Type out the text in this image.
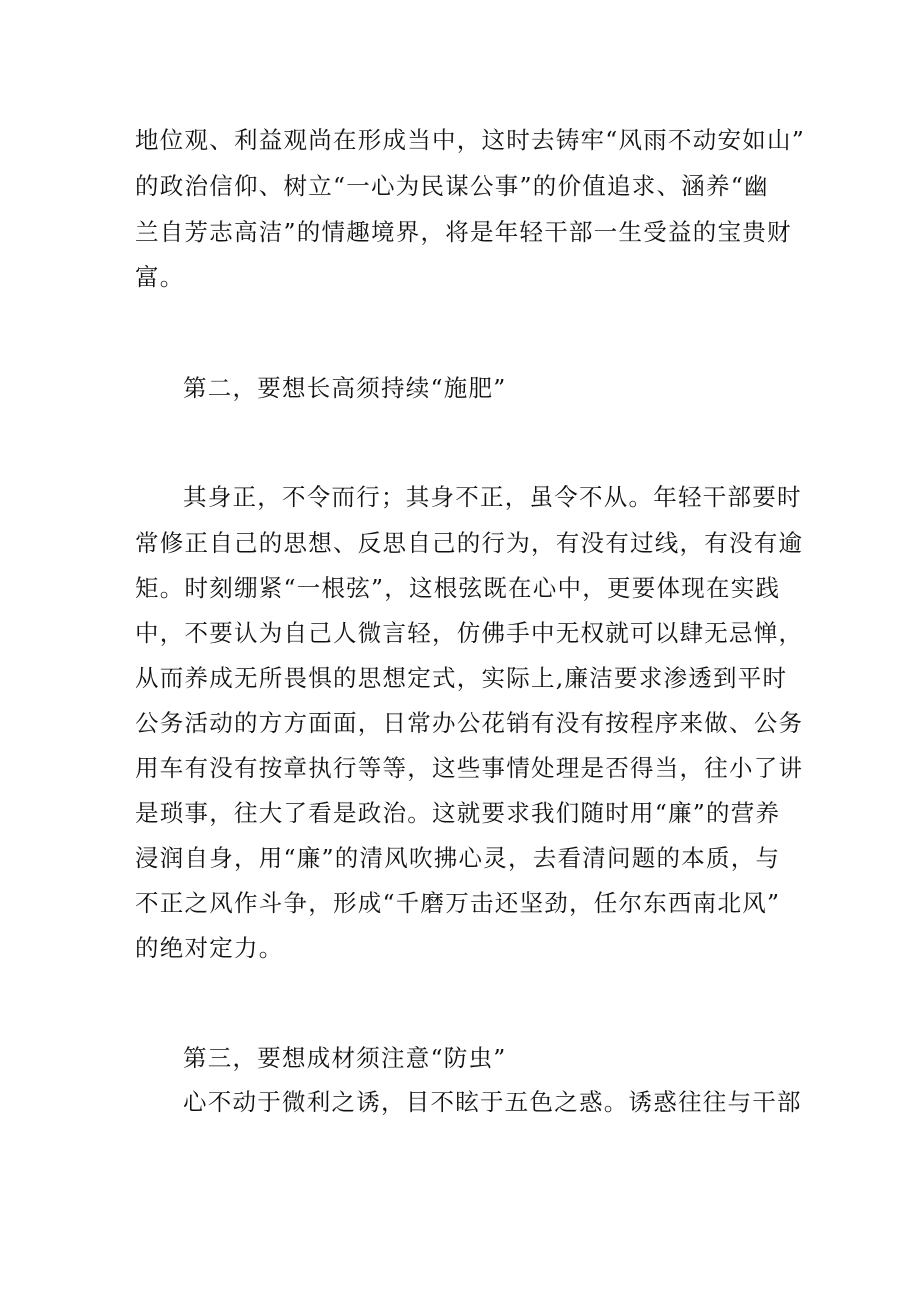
地位观、利益观尚在形成当中，这时去铸牢“风雨不动安如山”
的政治信仰、树立“一心为民谋公事”的价值追求、涵养“幽
兰自芳志高洁”的情趣境界，将是年轻干部一生受益的宝贵财
富。
第二，要想长高须持续“施肥”
其身正，不令而行；其身不正，虽令不从。年轻干部要时
常修正自己的思想、反思自己的行为，有没有过线，有没有逾
矩。时刻绷紧“一根弦”，这根弦既在心中，更要体现在实践
中，不要认为自己人微言轻，仿佛手中无权就可以肆无忌惮，
从而养成无所畏惧的思想定式，实际上,廉洁要求渗透到平时
公务活动的方方面面，日常办公花销有没有按程序来做、公务
用车有没有按章执行等等，这些事情处理是否得当，往小了讲
是琐事，往大了看是政治。这就要求我们随时用“廉”的营养
浸润自身，用“廉”的清风吹拂心灵，去看清问题的本质，与
不正之风作斗争，形成“千磨万击还坚劲，任尔东西南北风”
的绝对定力。
第三，要想成材须注意“防虫”
心不动于微利之诱，目不眩于五色之惑。诱惑往往与干部
